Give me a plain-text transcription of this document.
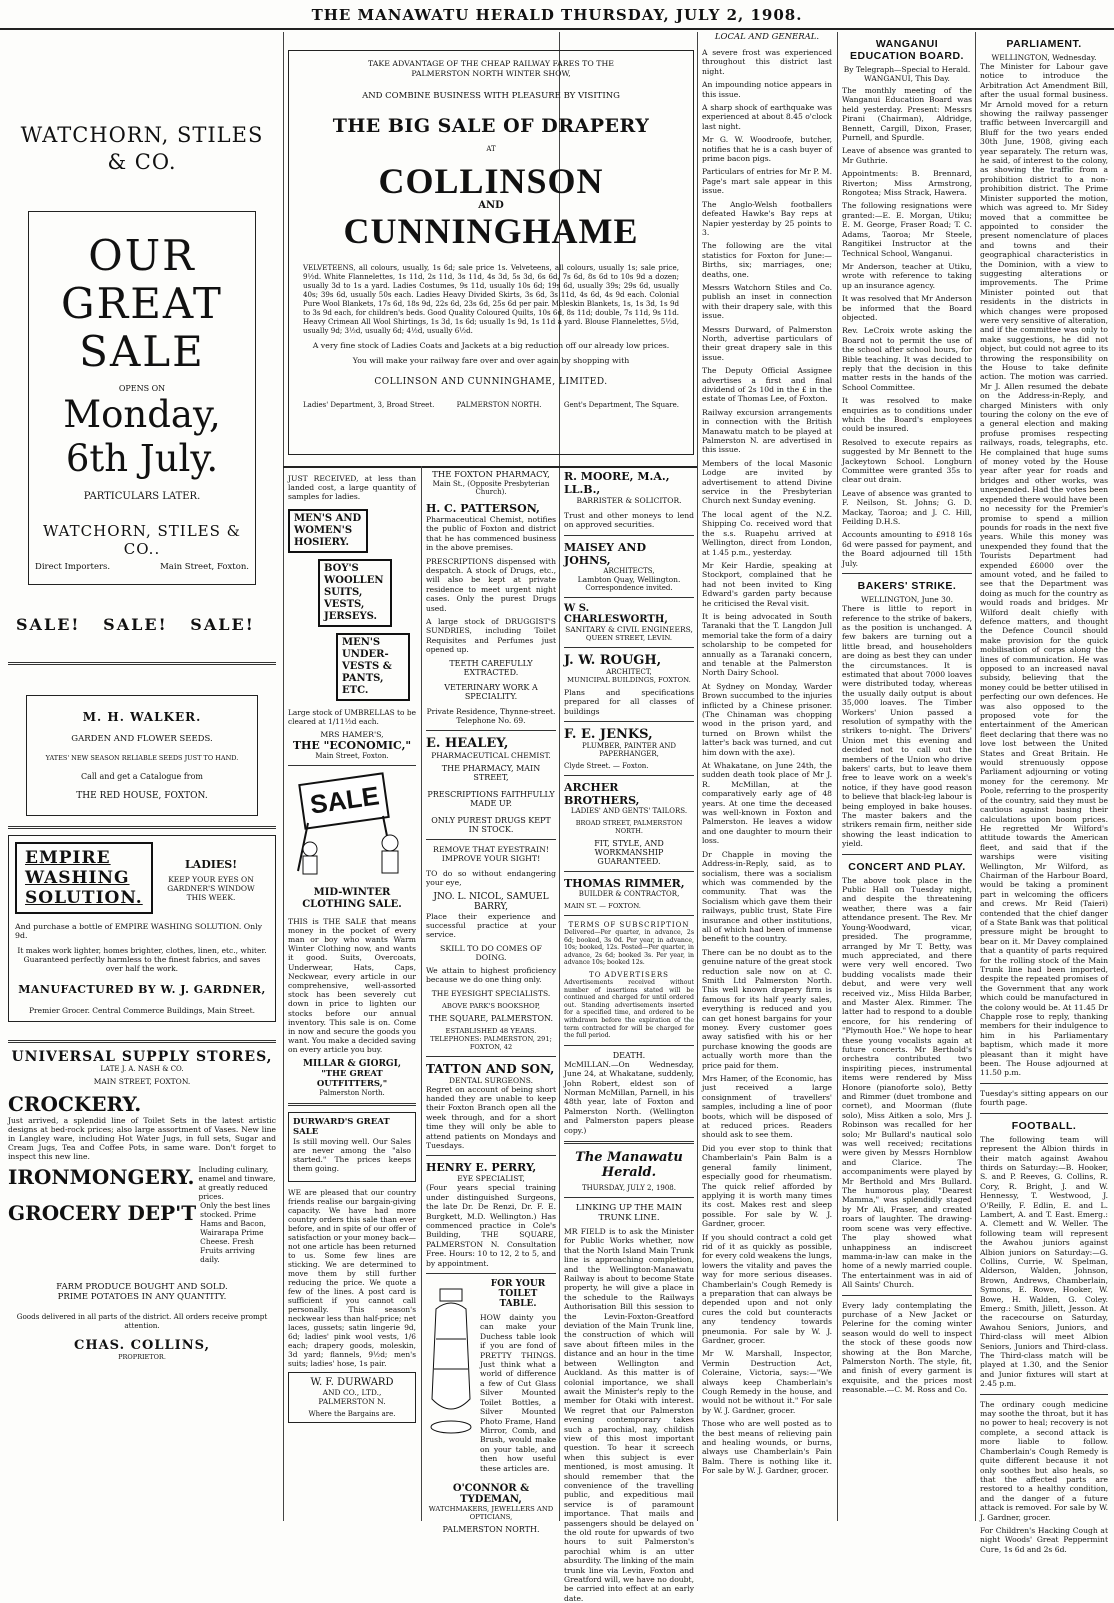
THE MANAWATU HERALD THURSDAY, JULY 2, 1908.
WATCHORN, STILES & CO.
OUR
GREAT
SALE
OPENS ON
Monday,
6th July.
PARTICULARS LATER.
WATCHORN, STILES & CO..
Direct Importers.	Main Street, Foxton.
SALE!   SALE!   SALE!
M. H. WALKER.
GARDEN AND FLOWER SEEDS.
YATES' NEW SEASON RELIABLE SEEDS JUST TO HAND.
Call and get a Catalogue from
THE RED HOUSE, FOXTON.
EMPIRE
WASHING
SOLUTION.
LADIES!
KEEP YOUR EYES ON GARDNER'S WINDOW THIS WEEK.
And purchase a bottle of EMPIRE WASHING SOLUTION. Only 9d.
It makes work lighter, homes brighter, clothes, linen, etc., whiter. Guaranteed perfectly harmless to the finest fabrics, and saves over half the work.
MANUFACTURED BY W. J. GARDNER,
Premier Grocer. Central Commerce Buildings, Main Street.
UNIVERSAL SUPPLY STORES,
LATE J. A. NASH & CO.
MAIN STREET, FOXTON.
CROCKERY.

Just arrived, a splendid line of Toilet Sets in the latest artistic designs at bed-rock prices; also large assortment of Vases. New line in Langley ware, including Hot Water Jugs, in full sets, Sugar and Cream Jugs, Tea and Coffee Pots, in same ware. Don't forget to inspect this new line.

IRONMONGERY. Including culinary, enamel and tinware, at greatly reduced prices.
GROCERY DEP'T Only the best lines stocked. Prime Hams and Bacon, Wairarapa Prime Cheese. Fresh Fruits arriving daily.
FARM PRODUCE BOUGHT AND SOLD.
PRIME POTATOES IN ANY QUANTITY.
Goods delivered in all parts of the district. All orders receive prompt attention.
CHAS. COLLINS,
PROPRIETOR.
TAKE ADVANTAGE OF THE CHEAP RAILWAY FARES TO THE PALMERSTON NORTH WINTER SHOW,
AND COMBINE BUSINESS WITH PLEASURE BY VISITING
THE BIG SALE OF DRAPERY
AT
COLLINSON
AND
CUNNINGHAME

VELVETEENS, all colours, usually, 1s 6d; sale price 1s. Velveteens, all colours, usually 1s; sale price, 9½d. White Flannelettes, 1s 11d, 2s 11d, 3s 11d, 4s 3d, 5s 3d, 6s 6d, 7s 6d, 8s 6d to 10s 9d a dozen; usually 3d to 1s a yard. Ladies Costumes, 9s 11d, usually 10s 6d; 19s 6d, usually 39s; 29s 6d, usually 40s; 39s 6d, usually 50s each. Ladies Heavy Divided Skirts, 3s 6d, 3s 11d, 4s 6d, 4s 9d each. Colonial Pure Wool Blankets, 17s 6d, 18s 9d, 22s 6d, 23s 6d, 25s 6d per pair. Moleskin Blankets, 1s, 1s 3d, 1s 9d to 3s 9d each, for children's beds. Good Quality Coloured Quilts, 10s 6d, 8s 11d; double, 7s 11d, 9s 11d. Heavy Crimean All Wool Shirtings, 1s 3d, 1s 6d; usually 1s 9d, 1s 11d a yard. Blouse Flannelettes, 5½d, usually 9d; 3½d, usually 6d; 4½d, usually 6½d.

A very fine stock of Ladies Coats and Jackets at a big reduction off our already low prices.
You will make your railway fare over and over again by shopping with
COLLINSON AND CUNNINGHAME, LIMITED.
Ladies' Department, 3, Broad Street.	PALMERSTON NORTH.	Gent's Department, The Square.

JUST RECEIVED, at less than landed cost, a large quantity of samples for ladies.

MEN'S AND WOMEN'S HOSIERY. BOY'S WOOLLEN SUITS, VESTS, JERSEYS. MEN'S UNDER-VESTS & PANTS, ETC.

Large stock of UMBRELLAS to be cleared at 1/11½d each.

MRS HAMER'S,
THE "ECONOMIC,"
Main Street, Foxton.
SALE
MID-WINTER CLOTHING SALE.

THIS is THE SALE that means money in the pocket of every man or boy who wants Warm Winter Clothing now, and wants it good. Suits, Overcoats, Underwear, Hats, Caps, Neckwear, every article in our comprehensive, well-assorted stock has been severely cut down in price to lighten our stocks before our annual inventory. This sale is on. Come in now and secure the goods you want. You make a decided saving on every article you buy.

MILLAR & GIORGI,
"THE GREAT OUTFITTERS,"
Palmerston North.
DURWARD'S GREAT SALE

Is still moving well. Our Sales are never among the "also started." The prices keeps them going.

WE are pleased that our country friends realise our bargain-giving capacity. We have had more country orders this sale than ever before, and in spite of our offer of satisfaction or your money back—not one article has been returned to us. Some few lines are sticking. We are determined to move them by still further reducing the price. We quote a few of the lines. A post card is sufficient if you cannot call personally. This season's neckwear less than half-price; net laces, gussets; satin lingerie 9d, 6d; ladies' pink wool vests, 1/6 each; drapery goods, moleskin, 3d yard; flannels, 9½d; men's suits; ladies' hose, 1s pair.

W. F. DURWARD
AND CO., LTD.,
PALMERSTON N.
Where the Bargains are.
THE FOXTON PHARMACY,
Main St., (Opposite Presbyterian Church).
H. C. PATTERSON,

Pharmaceutical Chemist, notifies the public of Foxton and district that he has commenced business in the above premises.

PRESCRIPTIONS dispensed with despatch. A stock of Drugs, etc., will also be kept at private residence to meet urgent night cases. Only the purest Drugs used.

A large stock of DRUGGIST'S SUNDRIES, including Toilet Requisites and Perfumes just opened up.

TEETH CAREFULLY EXTRACTED.
VETERINARY WORK A SPECIALITY.
Private Residence, Thynne-street. Telephone No. 69.
E. HEALEY,
PHARMACEUTICAL CHEMIST.
THE PHARMACY, MAIN STREET,
PRESCRIPTIONS FAITHFULLY MADE UP.
ONLY PUREST DRUGS KEPT IN STOCK.
REMOVE THAT EYESTRAIN! IMPROVE YOUR SIGHT!

TO do so without endangering your eye,

JNO. L. NICOL, SAMUEL BARRY,

Place their experience and successful practice at your service.

SKILL TO DO COMES OF DOING.

We attain to highest proficiency because we do one thing only.

THE EYESIGHT SPECIALISTS.
ABOVE PARK'S BOOKSHOP,
THE SQUARE, PALMERSTON.
ESTABLISHED 48 YEARS.
TELEPHONES: PALMERSTON, 291; FOXTON, 42
TATTON AND SON,
DENTAL SURGEONS.

Regret on account of being short handed they are unable to keep their Foxton Branch open all the week through, and for a short time they will only be able to attend patients on Mondays and Tuesdays.

HENRY E. PERRY,
EYE SPECIALIST,

(Four years special training under distinguished Surgeons, the late Dr. De Renzi, Dr. F. E. Burgkett, M.D. Wellington.) Has commenced practice in Cole's Building, THE SQUARE, PALMERSTON N. Consultation Free. Hours: 10 to 12, 2 to 5, and by appointment.

FOR YOUR TOILET TABLE.

HOW dainty you can make your Duchess table look if you are fond of PRETTY THINGS. Just think what a world of difference a few of Cut Glass Silver Mounted Toilet Bottles, a Silver Mounted Photo Frame, Hand Mirror, Comb, and Brush, would make on your table, and then how useful these articles are.

O'CONNOR & TYDEMAN,
WATCHMAKERS, JEWELLERS AND OPTICIANS,
PALMERSTON NORTH.
R. MOORE, M.A., LL.B.,
BARRISTER & SOLICITOR.

Trust and other moneys to lend on approved securities.

MAISEY AND JOHNS,
ARCHITECTS,
Lambton Quay, Wellington.
Correspondence invited.
W S. CHARLESWORTH,
SANITARY & CIVIL ENGINEERS,
QUEEN STREET, LEVIN.
J. W. ROUGH,
ARCHITECT,
MUNICIPAL BUILDINGS, FOXTON.

Plans and specifications prepared for all classes of buildings

F. E. JENKS,
PLUMBER, PAINTER AND PAPERHANGER,
Clyde Street. — Foxton.
ARCHER BROTHERS,
LADIES' AND GENTS' TAILORS.
BROAD STREET, PALMERSTON NORTH.
FIT, STYLE, AND WORKMANSHIP GUARANTEED.
THOMAS RIMMER,
BUILDER & CONTRACTOR,
MAIN ST. — FOXTON.
TERMS OF SUBSCRIPTION

Delivered—Per quarter, in advance, 2s 6d; booked, 3s 0d. Per year, in advance, 10s; booked, 12s. Posted—Per quarter, in advance, 2s 6d; booked 3s. Per year, in advance 10s; booked 12s.

TO ADVERTISERS

Advertisements received without number of insertions stated will be continued and charged for until ordered out. Standing advertisements inserted for a specified time, and ordered to be withdrawn before the expiration of the term contracted for will be charged for the full period.

DEATH.

McMILLAN.—On Wednesday, June 24, at Whakatane, suddenly, John Robert, eldest son of Norman McMillan, Parnell, in his 48th year, late of Foxton and Palmerston North. (Wellington and Palmerston papers please copy.)

The Manawatu Herald.
THURSDAY, JULY 2, 1908.
LINKING UP THE MAIN TRUNK LINE.

MR FIELD is to ask the Minister for Public Works whether, now that the North Island Main Trunk line is approaching completion, and the Wellington-Manawatu Railway is about to become State property, he will give a place in the schedule to the Railways Authorisation Bill this session to the Levin-Foxton-Greatford deviation of the Main Trunk line, the construction of which will save about fifteen miles in the distance and an hour in the time between Wellington and Auckland. As this matter is of colonial importance, we shall await the Minister's reply to the member for Otaki with interest. We regret that our Palmerston evening contemporary takes such a parochial, nay, childish view of this most important question. To hear it screech when this subject is ever mentioned, is most amusing. It should remember that the convenience of the travelling public, and expeditious mail service is of paramount importance. That mails and passengers should be delayed on the old route for upwards of two hours to suit Palmerston's parochial whim is an utter absurdity. The linking of the main trunk line via Levin, Foxton and Greatford will, we have no doubt, be carried into effect at an early date.

LOCAL AND GENERAL.

A severe frost was experienced throughout this district last night.

An impounding notice appears in this issue.

A sharp shock of earthquake was experienced at about 8.45 o'clock last night.

Mr G. W. Woodroofe, butcher, notifies that he is a cash buyer of prime bacon pigs.

Particulars of entries for Mr P. M. Page's mart sale appear in this issue.

The Anglo-Welsh footballers defeated Hawke's Bay reps at Napier yesterday by 25 points to 3.

The following are the vital statistics for Foxton for June:—Births, six; marriages, one; deaths, one.

Messrs Watchorn Stiles and Co. publish an inset in connection with their drapery sale, with this issue.

Messrs Durward, of Palmerston North, advertise particulars of their great drapery sale in this issue.

The Deputy Official Assignee advertises a first and final dividend of 2s 10d in the £ in the estate of Thomas Lee, of Foxton.

Railway excursion arrangements in connection with the British Manawatu match to be played at Palmerston N. are advertised in this issue.

Members of the local Masonic Lodge are invited by advertisement to attend Divine service in the Presbyterian Church next Sunday evening.

The local agent of the N.Z. Shipping Co. received word that the s.s. Ruapehu arrived at Wellington, direct from London, at 1.45 p.m., yesterday.

Mr Keir Hardie, speaking at Stockport, complained that he had not been invited to King Edward's garden party because he criticised the Reval visit.

It is being advocated in South Taranaki that the T. Langdon Jull memorial take the form of a dairy scholarship to be competed for annually as a Taranaki concern, and tenable at the Palmerston North Dairy School.

At Sydney on Monday, Warder Brown succumbed to the injuries inflicted by a Chinese prisoner. (The Chinaman was chopping wood in the prison yard, and turned on Brown whilst the latter's back was turned, and cut him down with the axe).

At Whakatane, on June 24th, the sudden death took place of Mr J. R. McMillan, at the comparatively early age of 48 years. At one time the deceased was well-known in Foxton and Palmerston. He leaves a widow and one daughter to mourn their loss.

Dr Chapple in moving the Address-in-Reply, said, as to socialism, there was a socialism which was commended by the community. That was the Socialism which gave them their railways, public trust, State Fire insurance and other institutions, all of which had been of immense benefit to the country.

There can be no doubt as to the genuine nature of the great stock reduction sale now on at C. Smith Ltd Palmerston North. This well known drapery firm is famous for its half yearly sales, everything is reduced and you can get honest bargains for your money. Every customer goes away satisfied with his or her purchase knowing the goods are actually worth more than the price paid for them.

Mrs Hamer, of the Economic, has just received a large consignment of travellers' samples, including a line of poor boots, which will be disposed of at reduced prices. Readers should ask to see them.

Did you ever stop to think that Chamberlain's Pain Balm is a general family liniment, especially good for rheumatism. The quick relief afforded by applying it is worth many times its cost. Makes rest and sleep possible. For sale by W. J. Gardner, grocer.

If you should contract a cold get rid of it as quickly as possible, for every cold weakens the lungs, lowers the vitality and paves the way for more serious diseases. Chamberlain's Cough Remedy is a preparation that can always be depended upon and not only cures the cold but counteracts any tendency towards pneumonia. For sale by W. J. Gardner, grocer.

Mr W. Marshall, Inspector, Vermin Destruction Act, Coleraine, Victoria, says:—"We always keep Chamberlain's Cough Remedy in the house, and would not be without it." For sale by W. J. Gardner, grocer.

Those who are well posted as to the best means of relieving pain and healing wounds, or burns, always use Chamberlain's Pain Balm. There is nothing like it. For sale by W. J. Gardner, grocer.

WANGANUI EDUCATION BOARD.
By Telegraph—Special to Herald.
WANGANUI, This Day.

The monthly meeting of the Wanganui Education Board was held yesterday. Present: Messrs Pirani (Chairman), Aldridge, Bennett, Cargill, Dixon, Fraser, Purnell, and Spurdle.

Leave of absence was granted to Mr Guthrie.

Appointments: B. Brennard, Riverton; Miss Armstrong, Rongotea; Miss Strack, Hawera.

The following resignations were granted:—E. E. Morgan, Utiku; E. M. George, Fraser Road; T. C. Adams, Taoroa; Mr Steele, Rangitikei Instructor at the Technical School, Wanganui.

Mr Anderson, teacher at Utiku, wrote with reference to taking up an insurance agency.

It was resolved that Mr Anderson be informed that the Board objected.

Rev. LeCroix wrote asking the Board not to permit the use of the school after school hours, for Bible teaching. It was decided to reply that the decision in this matter rests in the hands of the School Committee.

It was resolved to make enquiries as to conditions under which the Board's employees could be insured.

Resolved to execute repairs as suggested by Mr Bennett to the Jackeytown School. Longburn Committee were granted 35s to clear out drain.

Leave of absence was granted to F. Neilson, St. Johns; G. D. Mackay, Taoroa; and J. C. Hill, Feilding D.H.S.

Accounts amounting to £918 16s 6d were passed for payment, and the Board adjourned till 15th July.

BAKERS' STRIKE.
WELLINGTON, June 30.

There is little to report in reference to the strike of bakers, as the position is unchanged. A few bakers are turning out a little bread, and householders are doing as best they can under the circumstances. It is estimated that about 7000 loaves were distributed today, whereas the usually daily output is about 35,000 loaves. The Timber Workers' Union passed a resolution of sympathy with the strikers to-night. The Drivers' Union met this evening and decided not to call out the members of the Union who drive bakers' carts, but to leave them free to leave work on a week's notice, if they have good reason to believe that black-leg labour is being employed in bake houses. The master bakers and the strikers remain firm, neither side showing the least indication to yield.

CONCERT AND PLAY.

The above took place in the Public Hall on Tuesday night, and despite the threatening weather, there was a fair attendance present. The Rev. Mr Young-Woodward, vicar, presided. The programme, arranged by Mr T. Betty, was much appreciated, and there were very well encored. Two budding vocalists made their debut, and were very well received viz., Miss Hilda Barber, and Master Alex. Rimmer. The latter had to respond to a double encore, for his rendering of "Plymouth Hoe." We hope to hear these young vocalists again at future concerts. Mr Berthold's orchestra contributed two inspiriting pieces, instrumental items were rendered by Miss Honore (pianoforte solo), Betty and Rimmer (duet trombone and cornet), and Moorman (flute solo), Miss Aitken a solo, Mrs J. Robinson was recalled for her solo; Mr Bullard's nautical solo was well received; recitations were given by Messrs Hornblow and Clarice. The accompaniments were played by Mr Berthold and Mrs Bullard. The humorous play, "Dearest Mamma," was splendidly staged by Mr Ali, Fraser, and created roars of laughter. The drawing-room scene was very effective. The play showed what unhappiness an indiscreet mamma-in-law can make in the home of a newly married couple. The entertainment was in aid of All Saints' Church.

Every lady contemplating the purchase of a New Jacket or Pelerine for the coming winter season would do well to inspect the stock of these goods now showing at the Bon Marche, Palmerston North. The style, fit, and finish of every garment is exquisite, and the prices most reasonable.—C. M. Ross and Co.

PARLIAMENT.
WELLINGTON, Wednesday.

The Minister for Labour gave notice to introduce the Arbitration Act Amendment Bill, after the usual formal business. Mr Arnold moved for a return showing the railway passenger traffic between Invercargill and Bluff for the two years ended 30th June, 1908, giving each year separately. The return was, he said, of interest to the colony, as showing the traffic from a prohibition district to a non-prohibition district. The Prime Minister supported the motion, which was agreed to. Mr Sidey moved that a committee be appointed to consider the present nomenclature of places and towns and their geographical characteristics in the Dominion, with a view to suggesting alterations or improvements. The Prime Minister pointed out that residents in the districts in which changes were proposed were very sensitive of alteration, and if the committee was only to make suggestions, he did not object, but could not agree to its throwing the responsibility on the House to take definite action. The motion was carried. Mr J. Allen resumed the debate on the Address-in-Reply, and charged Ministers with only touring the colony on the eve of a general election and making profuse promises respecting railways, roads, telegraphs, etc. He complained that huge sums of money voted by the House year after year for roads and bridges and other works, was unexpended. Had the votes been expended there would have been no necessity for the Premier's promise to spend a million pounds for roads in the next five years. While this money was unexpended they found that the Tourists Department had expended £6000 over the amount voted, and he failed to see that the Department was doing as much for the country as would roads and bridges. Mr Wilford dealt chiefly with defence matters, and thought the Defence Council should make provision for the quick mobilisation of corps along the lines of communication. He was opposed to an increased naval subsidy, believing that the money could be better utilised in perfecting our own defences. He was also opposed to the proposed vote for the entertainment of the American fleet declaring that there was no love lost between the United States and Great Britain. He would strenuously oppose Parliament adjourning or voting money for the ceremony. Mr Poole, referring to the prosperity of the country, said they must be cautious against basing their calculations upon boom prices. He regretted Mr Wilford's attitude towards the American fleet, and said that if the warships were visiting Wellington, Mr Wilford, as Chairman of the Harbour Board, would be taking a prominent part in welcoming the officers and crews. Mr Reid (Taieri) contended that the chief danger of a State Bank was that political pressure might be brought to bear on it. Mr Davey complained that a quantity of parts required for the rolling stock of the Main Trunk line had been imported, despite the repeated promises of the Government that any work which could be manufactured in the colony would be. At 11.45 Dr Chapple rose to reply, thanking members for their indulgence to him in his Parliamentary baptism, which made it more pleasant than it might have been. The House adjourned at 11.50 p.m.

Tuesday's sitting appears on our fourth page.

FOOTBALL.

The following team will represent the Albion thirds in their match against Awahou thirds on Saturday:—B. Hooker, S. and P. Reeves, G. Collins, R. Cory, R. Bright, J. and W. Hennessy, T. Westwood, J. O'Reilly, F. Edlin, E. and L. Lambert, A. and T. East. Emerg.: A. Clemett and W. Weller. The following team will represent the Awahou juniors against Albion juniors on Saturday:—G. Collins, Currie, W. Spelman, Alderson, Walden, Johnson, Brown, Andrews, Chamberlain, Symons, E. Rowe, Hooker, W. Bowe, H. Walden, G. Coley. Emerg.: Smith, Jillett, Jesson. At the racecourse on Saturday, Awahou Seniors, Juniors, and Third-class will meet Albion Seniors, Juniors and Third-class. The Third-class match will be played at 1.30, and the Senior and Junior fixtures will start at 2.45 p.m.

The ordinary cough medicine may soothe the throat, but it has no power to heal; recovery is not complete, a second attack is more liable to follow. Chamberlain's Cough Remedy is quite different because it not only soothes but also heals, so that the affected parts are restored to a healthy condition, and the danger of a future attack is removed. For sale by W. J. Gardner, grocer.

For Children's Hacking Cough at night Woods' Great Peppermint Cure, 1s 6d and 2s 6d.
